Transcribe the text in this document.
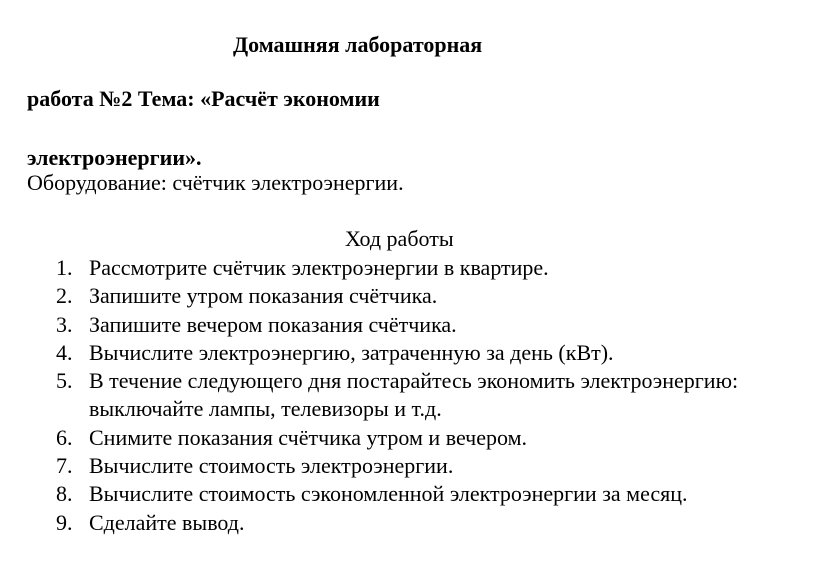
Домашняя лабораторная
работа №2 Тема: «Расчёт экономии
электроэнергии».
Оборудование: счётчик электроэнергии.
Ход работы
1. Рассмотрите счётчик электроэнергии в квартире.
2. Запишите утром показания счётчика.
3. Запишите вечером показания счётчика.
4. Вычислите электроэнергию, затраченную за день (кВт).
5. В течение следующего дня постарайтесь экономить электроэнергию: выключайте лампы, телевизоры и т.д.
6. Снимите показания счётчика утром и вечером.
7. Вычислите стоимость электроэнергии.
8. Вычислите стоимость сэкономленной электроэнергии за месяц.
9. Сделайте вывод.
